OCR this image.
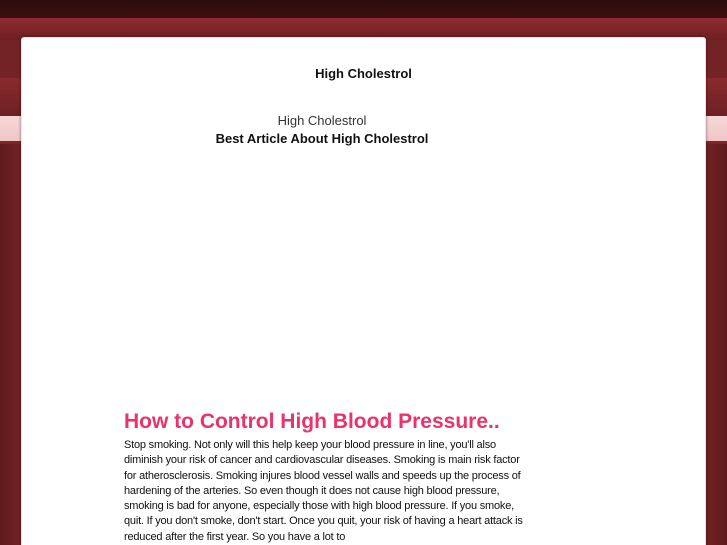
High Cholestrol
High Cholestrol
Best Article About High Cholestrol
How to Control High Blood Pressure..
Stop smoking. Not only will this help keep your blood pressure in line, you'll also diminish your risk of cancer and cardiovascular diseases. Smoking is main risk factor for atherosclerosis. Smoking injures blood vessel walls and speeds up the process of hardening of the arteries. So even though it does not cause high blood pressure, smoking is bad for anyone, especially those with high blood pressure. If you smoke, quit. If you don't smoke, don't start. Once you quit, your risk of having a heart attack is reduced after the first year. So you have a lot to
